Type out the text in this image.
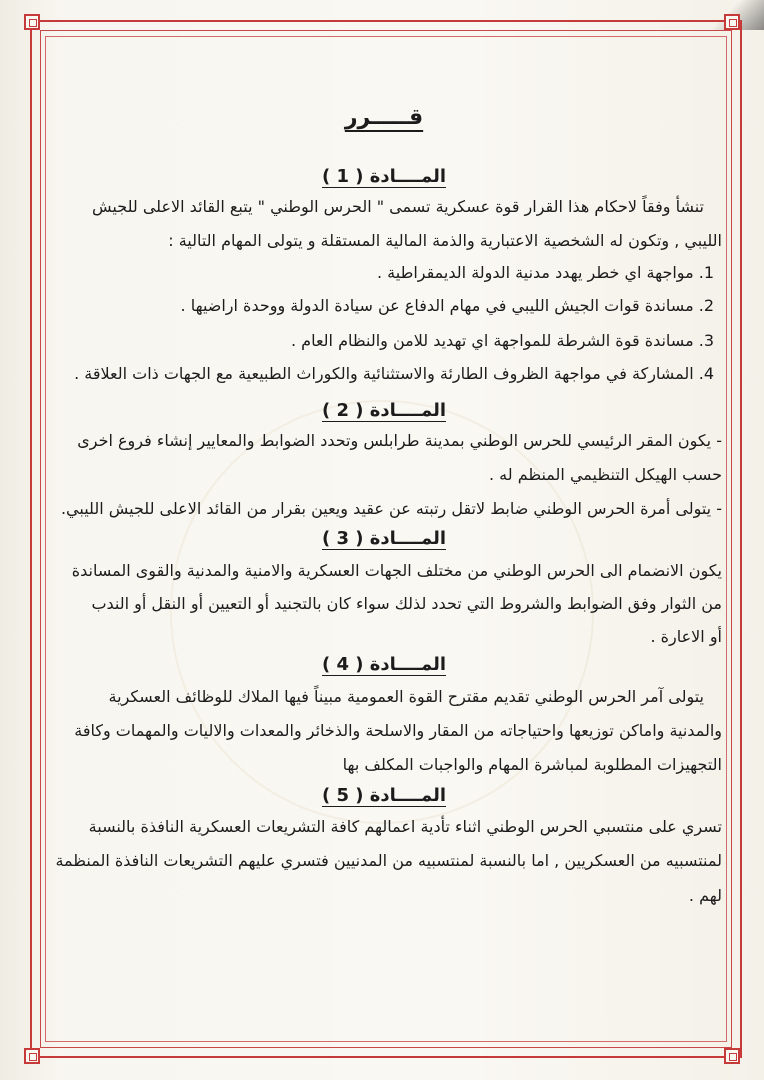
قـــــرر
المــــادة ( 1 )
تنشأ وفقاً لاحكام هذا القرار قوة عسكرية تسمى " الحرس الوطني " يتبع القائد الاعلى للجيش
الليبي , وتكون له الشخصية الاعتبارية والذمة المالية المستقلة و يتولى المهام التالية :
1. مواجهة اي خطر يهدد مدنية الدولة الديمقراطية .
2. مساندة قوات الجيش الليبي في مهام الدفاع عن سيادة الدولة ووحدة اراضيها .
3. مساندة قوة الشرطة للمواجهة اي تهديد للامن والنظام العام .
4. المشاركة في مواجهة الظروف الطارئة والاستثنائية والكوراث الطبيعية مع الجهات ذات العلاقة .
المــــادة ( 2 )
- يكون المقر الرئيسي للحرس الوطني بمدينة طرابلس وتحدد الضوابط والمعايير إنشاء فروع اخرى
حسب الهيكل التنظيمي المنظم له .
- يتولى أمرة الحرس الوطني ضابط لاتقل رتبته عن عقيد ويعين بقرار من القائد الاعلى للجيش الليبي.
المــــادة ( 3 )
يكون الانضمام الى الحرس الوطني من مختلف الجهات العسكرية والامنية والمدنية والقوى المساندة
من الثوار وفق الضوابط والشروط التي تحدد لذلك سواء كان بالتجنيد أو التعيين أو النقل أو الندب
أو الاعارة .
المــــادة ( 4 )
يتولى آمر الحرس الوطني تقديم مقترح القوة العمومية مبيناً فيها الملاك للوظائف العسكرية
والمدنية واماكن توزيعها واحتياجاته من المقار والاسلحة والذخائر والمعدات والاليات والمهمات وكافة
التجهيزات المطلوبة لمباشرة المهام والواجبات المكلف بها
المــــادة ( 5 )
تسري على منتسبي الحرس الوطني اثناء تأدية اعمالهم كافة التشريعات العسكرية النافذة بالنسبة
لمنتسبيه من العسكريين , اما بالنسبة لمنتسبيه من المدنيين فتسري عليهم التشريعات النافذة المنظمة
لهم .
